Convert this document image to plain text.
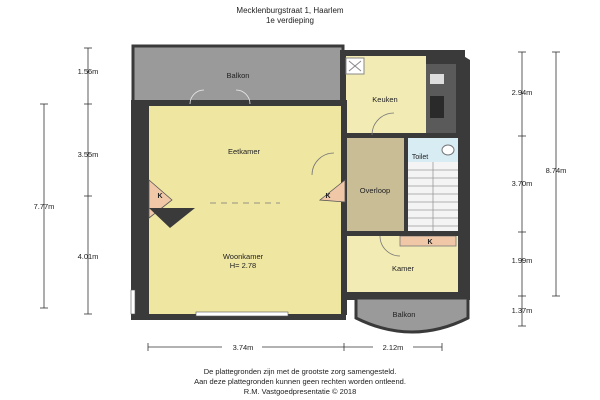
Mecklenburgstraat 1, Haarlem
1e verdieping
Balkon
Keuken
Eetkamer
Toilet
Overloop
Woonkamer
H= 2.78	Kamer
Balkon
K	K
K
1.56m
3.55m
4.01m
7.77m
2.94m
3.70m
1.99m
1.37m
8.74m
3.74m	2.12m
De plattegronden zijn met de grootste zorg samengesteld.
Aan deze plattegronden kunnen geen rechten worden ontleend.
R.M. Vastgoedpresentatie © 2018
